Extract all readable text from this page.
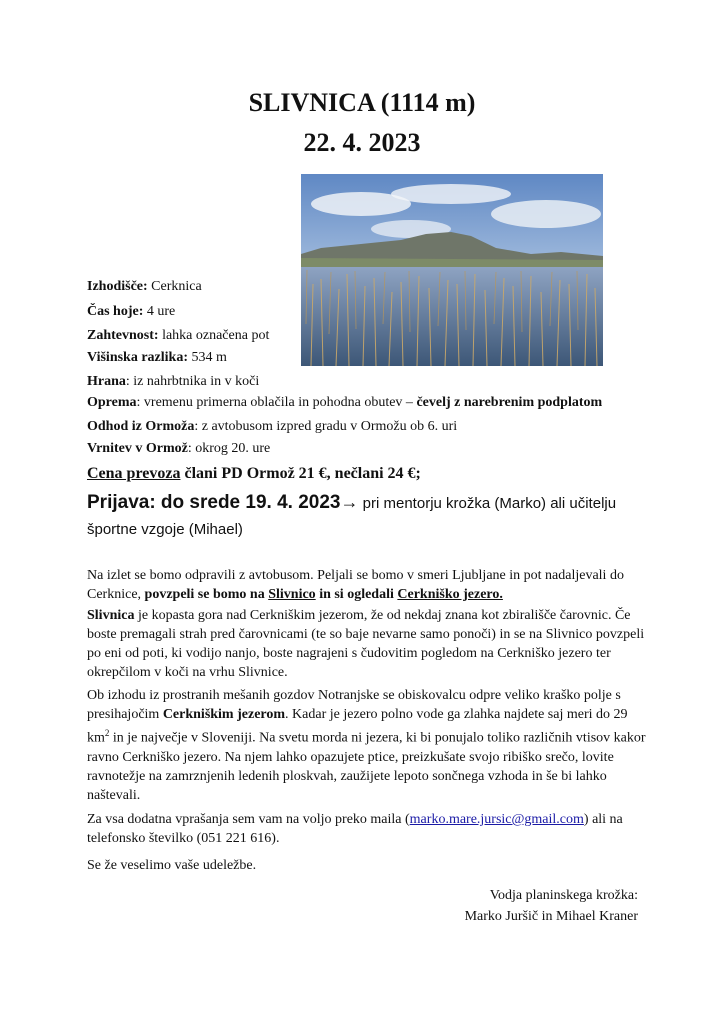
SLIVNICA (1114 m)
22. 4. 2023
Izhodišče: Cerknica
Čas hoje: 4 ure
Zahtevnost: lahka označena pot
Višinska razlika: 534 m
Hrana: iz nahrbtnika in v koči
Oprema: vremenu primerna oblačila in pohodna obutev – čevelj z narebrenim podplatom
Odhod iz Ormoža: z avtobusom izpred gradu v Ormožu ob 6. uri
Vrnitev v Ormož: okrog 20. ure
Cena prevoza člani PD Ormož 21 €, nečlani 24 €;
Prijava: do srede 19. 4. 2023→ pri mentorju krožka (Marko) ali učitelju športne vzgoje (Mihael)
Na izlet se bomo odpravili z avtobusom. Peljali se bomo v smeri Ljubljane in pot nadaljevali do Cerknice, povzpeli se bomo na Slivnico in si ogledali Cerkniško jezero.
Slivnica je kopasta gora nad Cerkniškim jezerom, že od nekdaj znana kot zbirališče čarovnic. Če boste premagali strah pred čarovnicami (te so baje nevarne samo ponoči) in se na Slivnico povzpeli po eni od poti, ki vodijo nanjo, boste nagrajeni s čudovitim pogledom na Cerkniško jezero ter okrepčilom v koči na vrhu Slivnice.
Ob izhodu iz prostranih mešanih gozdov Notranjske se obiskovalcu odpre veliko kraško polje s presihajočim Cerkniškim jezerom. Kadar je jezero polno vode ga zlahka najdete saj meri do 29 $km^2$ in je največje v Sloveniji. Na svetu morda ni jezera, ki bi ponujalo toliko različnih vtisov kakor ravno Cerkniško jezero. Na njem lahko opazujete ptice, preizkušate svojo ribiško srečo, lovite ravnotežje na zamrznjenih ledenih ploskvah, zaužijete lepoto sončnega vzhoda in še bi lahko naštevali.
Za vsa dodatna vprašanja sem vam na voljo preko maila (marko.mare.jursic@gmail.com) ali na telefonsko številko (051 221 616).
Se že veselimo vaše udeležbe.
Vodja planinskega krožka:
Marko Juršič in Mihael Kraner
